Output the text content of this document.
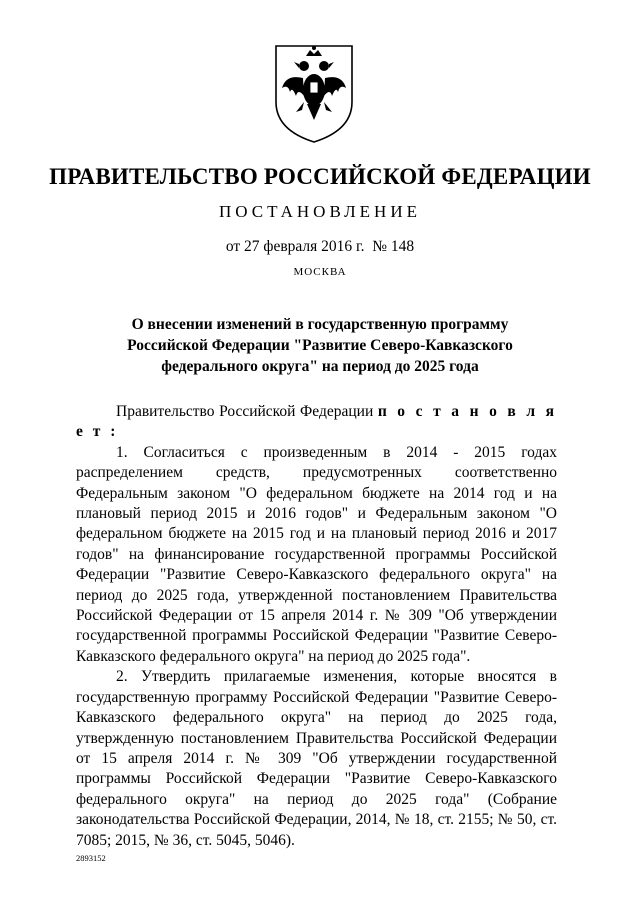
ПРАВИТЕЛЬСТВО РОССИЙСКОЙ ФЕДЕРАЦИИ
ПОСТАНОВЛЕНИЕ
от 27 февраля 2016 г.  № 148
МОСКВА
О внесении изменений в государственную программу Российской Федерации "Развитие Северо-Кавказского федерального округа" на период до 2025 года

Правительство Российской Федерации п о с т а н о в л я е т :

1. Согласиться с произведенным в 2014 - 2015 годах распределением средств, предусмотренных соответственно Федеральным законом "О федеральном бюджете на 2014 год и на плановый период 2015 и 2016 годов" и Федеральным законом "О федеральном бюджете на 2015 год и на плановый период 2016 и 2017 годов" на финансирование государственной программы Российской Федерации "Развитие Северо-Кавказского федерального округа" на период до 2025 года, утвержденной постановлением Правительства Российской Федерации от 15 апреля 2014 г. № 309 "Об утверждении государственной программы Российской Федерации "Развитие Северо-Кавказского федерального округа" на период до 2025 года".

2. Утвердить прилагаемые изменения, которые вносятся в государственную программу Российской Федерации "Развитие Северо-Кавказского федерального округа" на период до 2025 года, утвержденную постановлением Правительства Российской Федерации от 15 апреля 2014 г. № 309 "Об утверждении государственной программы Российской Федерации "Развитие Северо-Кавказского федерального округа" на период до 2025 года" (Собрание законодательства Российской Федерации, 2014, № 18, ст. 2155; № 50, ст. 7085; 2015, № 36, ст. 5045, 5046).

2893152
